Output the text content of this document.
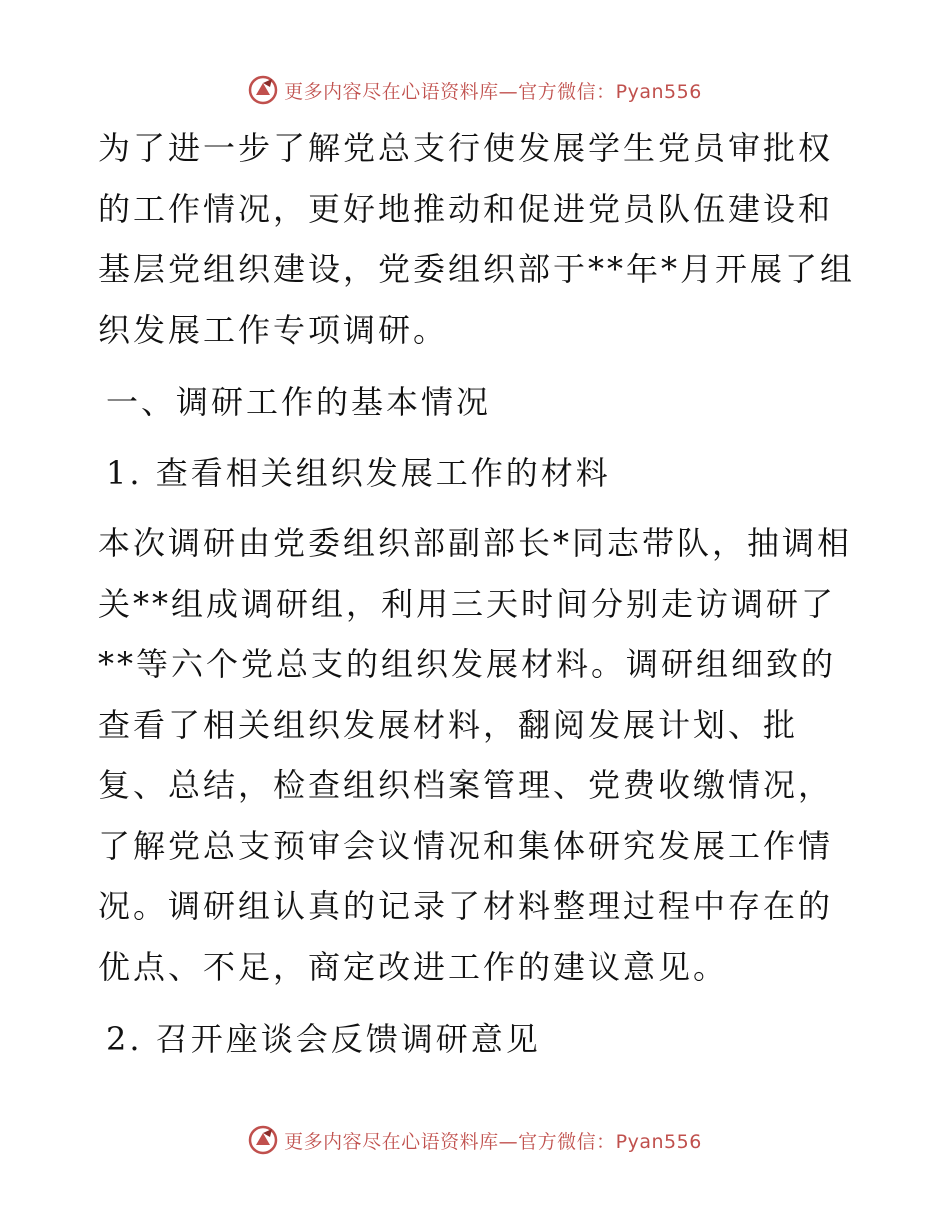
更多内容尽在心语资料库—官方微信：Pyan556

为了进一步了解党总支行使发展学生党员审批权的工作情况，更好地推动和促进党员队伍建设和基层党组织建设，党委组织部于**年*月开展了组织发展工作专项调研。

一、调研工作的基本情况

1. 查看相关组织发展工作的材料

本次调研由党委组织部副部长*同志带队，抽调相关**组成调研组，利用三天时间分别走访调研了**等六个党总支的组织发展材料。调研组细致的查看了相关组织发展材料，翻阅发展计划、批复、总结，检查组织档案管理、党费收缴情况，了解党总支预审会议情况和集体研究发展工作情况。调研组认真的记录了材料整理过程中存在的优点、不足，商定改进工作的建议意见。

2. 召开座谈会反馈调研意见

更多内容尽在心语资料库—官方微信：Pyan556
